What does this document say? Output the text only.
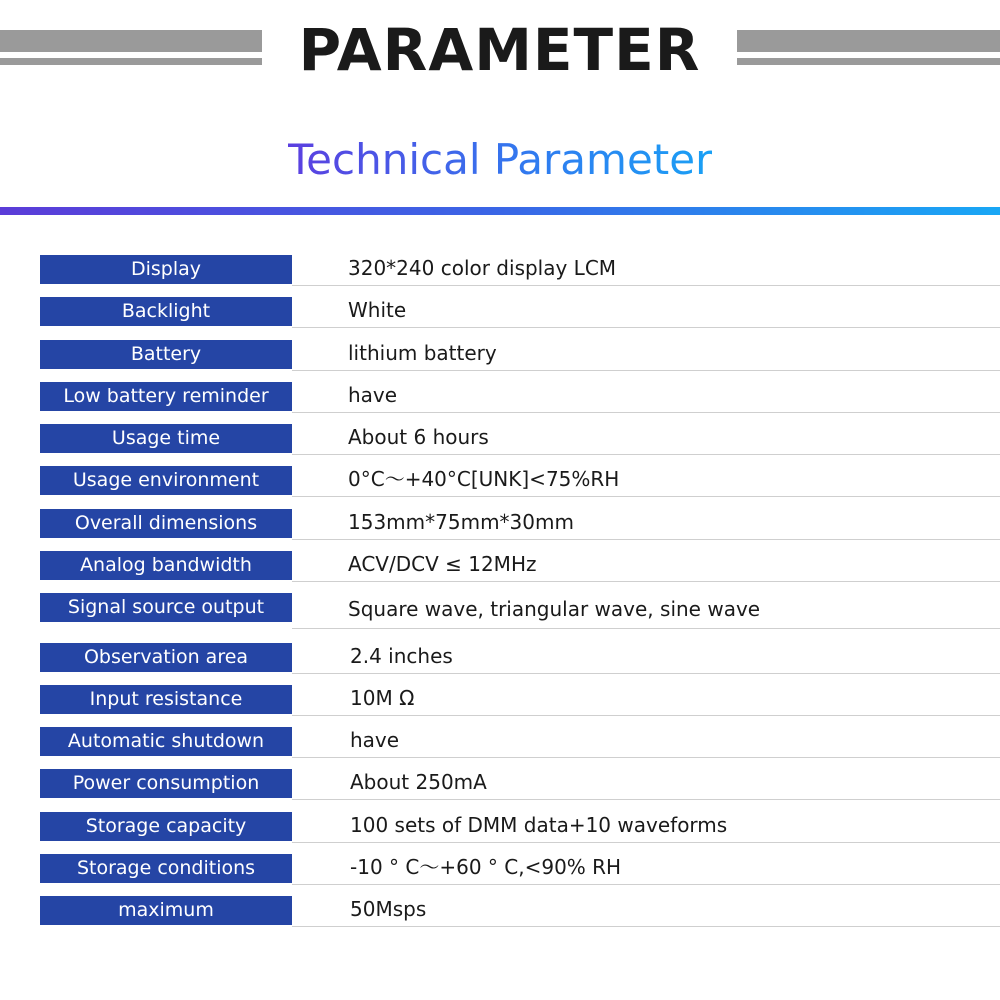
PARAMETER
Technical Parameter
Display	320*240 color display LCM
Backlight	White
Battery	lithium battery
Low battery reminder	have
Usage time	About 6 hours
Usage environment	0°C～+40°C[UNK]<75%RH
Overall dimensions	153mm*75mm*30mm
Analog bandwidth	ACV/DCV ≤ 12MHz
Signal source output	Square wave, triangular wave, sine wave
Observation area	2.4 inches
Input resistance	10M Ω
Automatic shutdown	have
Power consumption	About 250mA
Storage capacity	100 sets of DMM data+10 waveforms
Storage conditions	-10 ° C～+60 ° C,<90% RH
maximum	50Msps
